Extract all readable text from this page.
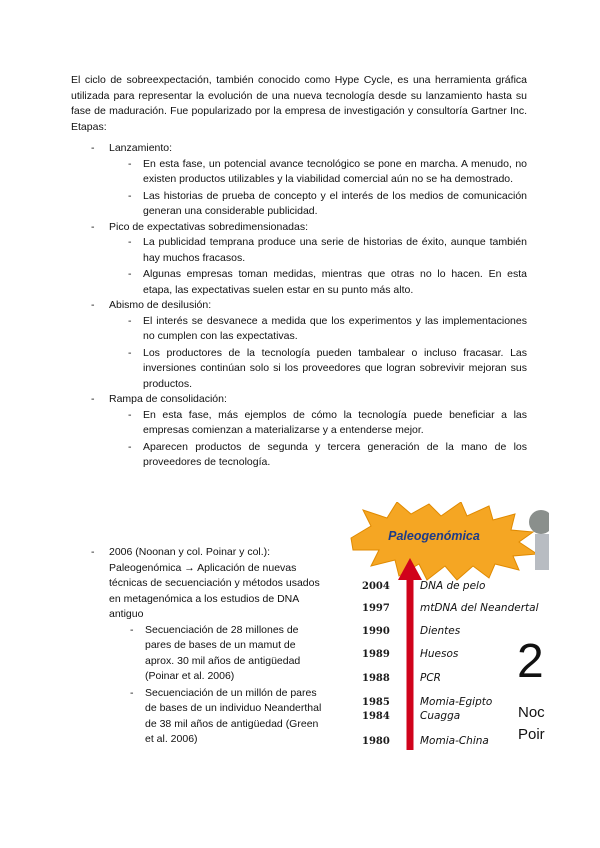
El ciclo de sobreexpectación, también conocido como Hype Cycle, es una herramienta gráfica utilizada para representar la evolución de una nueva tecnología desde su lanzamiento hasta su fase de maduración. Fue popularizado por la empresa de investigación y consultoría Gartner Inc. Etapas:

- Lanzamiento:
- En esta fase, un potencial avance tecnológico se pone en marcha. A menudo, no existen productos utilizables y la viabilidad comercial aún no se ha demostrado.
- Las historias de prueba de concepto y el interés de los medios de comunicación generan una considerable publicidad.
- Pico de expectativas sobredimensionadas:
- La publicidad temprana produce una serie de historias de éxito, aunque también hay muchos fracasos.
- Algunas empresas toman medidas, mientras que otras no lo hacen. En esta etapa, las expectativas suelen estar en su punto más alto.
- Abismo de desilusión:
- El interés se desvanece a medida que los experimentos y las implementaciones no cumplen con las expectativas.
- Los productores de la tecnología pueden tambalear o incluso fracasar. Las inversiones continúan solo si los proveedores que logran sobrevivir mejoran sus productos.
- Rampa de consolidación:
- En esta fase, más ejemplos de cómo la tecnología puede beneficiar a las empresas comienzan a materializarse y a entenderse mejor.
- Aparecen productos de segunda y tercera generación de la mano de los proveedores de tecnología.
- 2006 (Noonan y col. Poinar y col.): Paleogenómica → Aplicación de nuevas técnicas de secuenciación y métodos usados en metagenómica a los estudios de DNA antiguo
- Secuenciación de 28 millones de pares de bases de un mamut de aprox. 30 mil años de antigüedad (Poinar et al. 2006)
- Secuenciación de un millón de pares de bases de un individuo Neanderthal de 38 mil años de antigüedad (Green et al. 2006)
Paleogenómica
2004	DNA de pelo
1997	mtDNA del Neandertal
1990	Dientes
1989	Huesos
1988	PCR
1985	Momia-Egipto
1984	Cuagga
1980	Momia-China
2
Noc
Poir
